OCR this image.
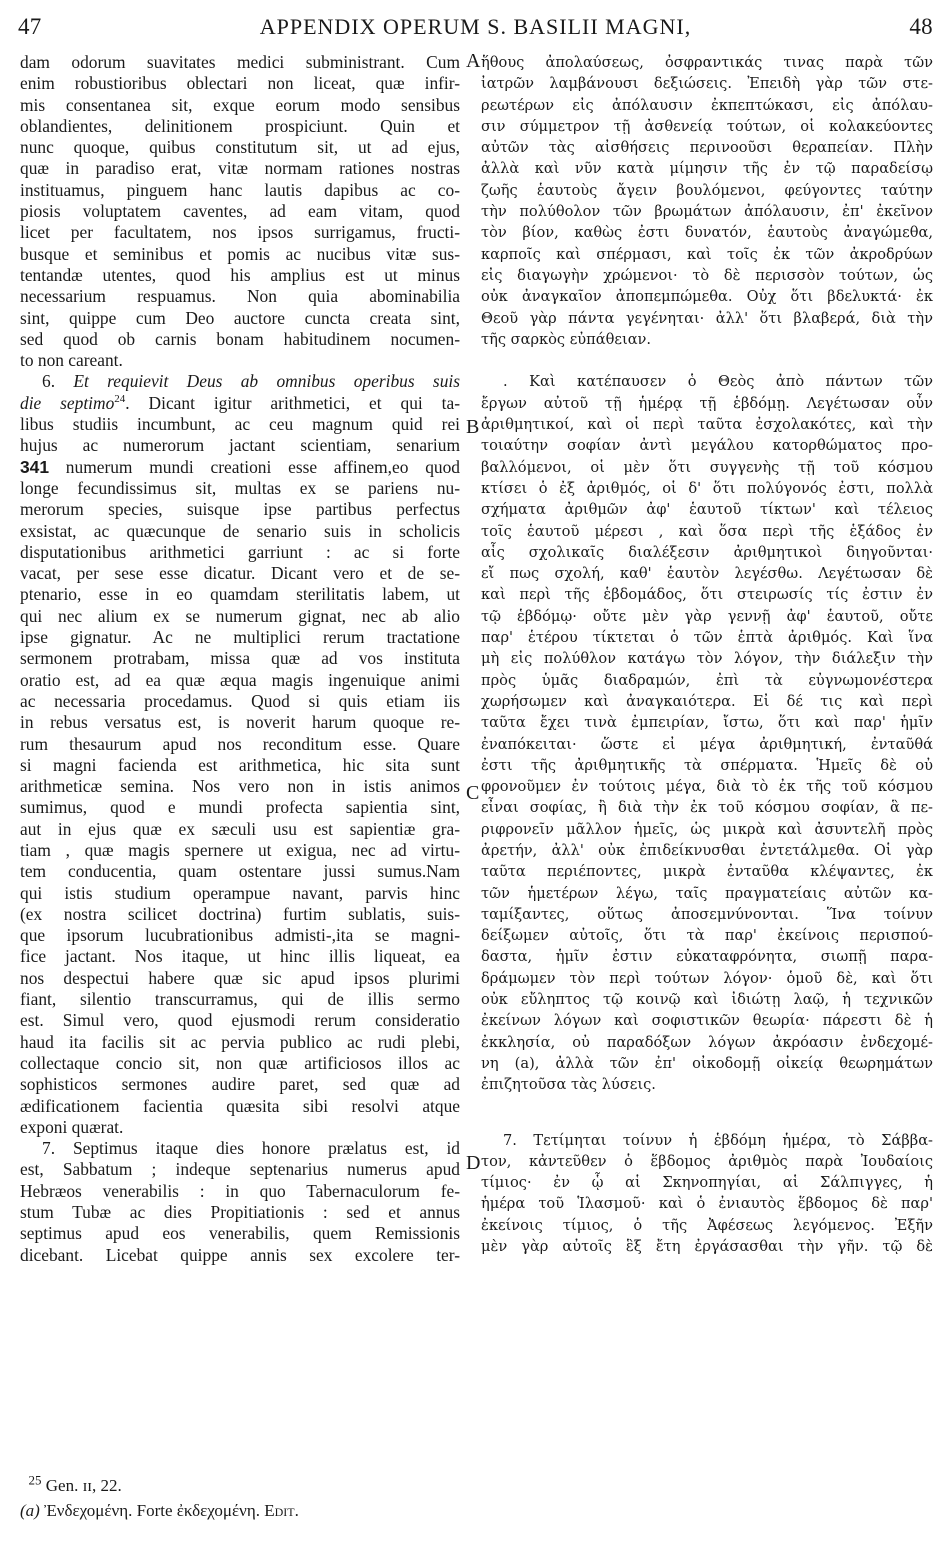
47	APPENDIX OPERUM S. BASILII MAGNI,	48
A
B
C
D
dam odorum suavitates medici subministrant. Cum
enim robustioribus oblectari non liceat, quæ infir-
mis consentanea sit, exque eorum modo sensibus
oblandientes, delinitionem prospiciunt. Quin et
nunc quoque, quibus constitutum sit, ut ad ejus,
quæ in paradiso erat, vitæ normam rationes nostras
instituamus, pinguem hanc lautis dapibus ac co-
piosis voluptatem caventes, ad eam vitam, quod
licet per facultatem, nos ipsos surrigamus, fructi-
busque et seminibus et pomis ac nucibus vitæ sus-
tentandæ utentes, quod his amplius est ut minus
necessarium respuamus. Non quia abominabilia
sint, quippe cum Deo auctore cuncta creata sint,
sed quod ob carnis bonam habitudinem nocumen-
to non careant.
6. Et requievit Deus ab omnibus operibus suis
die septimo$^{24}$. Dicant igitur arithmetici, et qui ta-
libus studiis incumbunt, ac ceu magnum quid rei
hujus ac numerorum jactant scientiam, senarium
341 numerum mundi creationi esse affinem,eo quod
longe fecundissimus sit, multas ex se pariens nu-
merorum species, suisque ipse partibus perfectus
exsistat, ac quæcunque de senario suis in scholicis
disputationibus arithmetici garriunt : ac si forte
vacat, per sese esse dicatur. Dicant vero et de se-
ptenario, esse in eo quamdam sterilitatis labem, ut
qui nec alium ex se numerum gignat, nec ab alio
ipse gignatur. Ac ne multiplici rerum tractatione
sermonem protrabam, missa quæ ad vos instituta
oratio est, ad ea quæ æqua magis ingenuique animi
ac necessaria procedamus. Quod si quis etiam iis
in rebus versatus est, is noverit harum quoque re-
rum thesaurum apud nos reconditum esse. Quare
si magni facienda est arithmetica, hic sita sunt
arithmeticæ semina. Nos vero non in istis animos
sumimus, quod e mundi profecta sapientia sint,
aut in ejus quæ ex sæculi usu est sapientiæ gra-
tiam , quæ magis spernere ut exigua, nec ad virtu-
tem conducentia, quam ostentare jussi sumus.Nam
qui istis studium operampue navant, parvis hinc
(ex nostra scilicet doctrina) furtim sublatis, suis-
que ipsorum lucubrationibus admisti-,ita se magni-
fice jactant. Nos itaque, ut hinc illis liqueat, ea
nos despectui habere quæ sic apud ipsos plurimi
fiant, silentio transcurramus, qui de illis sermo
est. Simul vero, quod ejusmodi rerum consideratio
haud ita facilis sit ac pervia publico ac rudi plebi,
collectaque concio sit, non quæ artificiosos illos ac
sophisticos sermones audire paret, sed quæ ad
ædificationem facientia quæsita sibi resolvi atque
exponi quærat.
7. Septimus itaque dies honore prælatus est, id
est, Sabbatum ; indeque septenarius numerus apud
Hebræos venerabilis : in quo Tabernaculorum fe-
stum Tubæ ac dies Propitiationis : sed et annus
septimus apud eos venerabilis, quem Remissionis
dicebant. Licebat quippe annis sex excolere ter-
ἥθους ἀπολαύσεως, ὀσφραντικάς τινας παρὰ τῶν
ἰατρῶν λαμβάνουσι δεξιώσεις. Ἐπειδὴ γὰρ τῶν στε-
ρεωτέρων εἰς ἀπόλαυσιν ἐκπεπτώκασι, εἰς ἀπόλαυ-
σιν σύμμετρον τῇ ἀσθενείᾳ τούτων, οἱ κολακεύοντες
αὐτῶν τὰς αἰσθήσεις περινοοῦσι θεραπείαν. Πλὴν
ἀλλὰ καὶ νῦν κατὰ μίμησιν τῆς ἐν τῷ παραδείσῳ
ζωῆς ἑαυτοὺς ἄγειν βουλόμενοι, φεύγοντες ταύτην
τὴν πολύθολον τῶν βρωμάτων ἀπόλαυσιν, ἐπ' ἐκεῖνον
τὸν βίον, καθὼς ἐστι δυνατόν, ἑαυτοὺς ἀναγώμεθα,
καρποῖς καὶ σπέρμασι, καὶ τοῖς ἐκ τῶν ἀκροδρύων
εἰς διαγωγὴν χρώμενοι· τὸ δὲ περισσὸν τούτων, ὡς
οὐκ ἀναγκαῖον ἀποπεμπώμεθα. Οὐχ ὅτι βδελυκτά· ἐκ
Θεοῦ γὰρ πάντα γεγένηται· ἀλλ' ὅτι βλαβερά, διὰ τὴν
τῆς σαρκὸς εὐπάθειαν.
. Καὶ κατέπαυσεν ὁ Θεὸς ἀπὸ πάντων τῶν
ἔργων αὐτοῦ τῇ ἡμέρᾳ τῇ ἑβδόμῃ. Λεγέτωσαν οὖν
ἀριθμητικοί, καὶ οἱ περὶ ταῦτα ἐσχολακότες, καὶ τὴν
τοιαύτην σοφίαν ἀντὶ μεγάλου κατορθώματος προ-
βαλλόμενοι, οἱ μὲν ὅτι συγγενὴς τῇ τοῦ κόσμου
κτίσει ὁ ἐξ ἀριθμός, οἱ δ' ὅτι πολύγονός ἐστι, πολλὰ
σχήματα ἀριθμῶν ἀφ' ἑαυτοῦ τίκτων' καὶ τέλειος
τοῖς ἑαυτοῦ μέρεσι , καὶ ὅσα περὶ τῆς ἑξάδος ἐν
αἷς σχολικαῖς διαλέξεσιν ἀριθμητικοὶ διηγοῦνται·
εἴ πως σχολή, καθ' ἑαυτὸν λεγέσθω. Λεγέτωσαν δὲ
καὶ περὶ τῆς ἑβδομάδος, ὅτι στειρωσίς τίς ἐστιν ἐν
τῷ ἑβδόμῳ· οὔτε μὲν γὰρ γεννῇ ἀφ' ἑαυτοῦ, οὔτε
παρ' ἑτέρου τίκτεται ὁ τῶν ἑπτὰ ἀριθμός. Καὶ ἵνα
μὴ εἰς πολύθλον κατάγω τὸν λόγον, τὴν διάλεξιν τὴν
πρὸς ὑμᾶς διαδραμών, ἐπὶ τὰ εὐγνωμονέστερα
χωρήσωμεν καὶ ἀναγκαιότερα. Εἰ δέ τις καὶ περὶ
ταῦτα ἔχει τινὰ ἐμπειρίαν, ἴστω, ὅτι καὶ παρ' ἡμῖν
ἐναπόκειται· ὥστε εἰ μέγα ἀριθμητική, ἐνταῦθά
ἐστι τῆς ἀριθμητικῆς τὰ σπέρματα. Ἡμεῖς δὲ οὐ
φρονοῦμεν ἐν τούτοις μέγα, διὰ τὸ ἐκ τῆς τοῦ κόσμου
εἶναι σοφίας, ἢ διὰ τὴν ἐκ τοῦ κόσμου σοφίαν, ἃ πε-
ριφρονεῖν μᾶλλον ἡμεῖς, ὡς μικρὰ καὶ ἀσυντελῆ πρὸς
ἀρετήν, ἀλλ' οὐκ ἐπιδείκνυσθαι ἐντετάλμεθα. Οἱ γὰρ
ταῦτα περιέποντες, μικρὰ ἐνταῦθα κλέψαντες, ἐκ
τῶν ἡμετέρων λέγω, ταῖς πραγματείαις αὐτῶν κα-
ταμίξαντες, οὕτως ἀποσεμνύνονται. Ἵνα τοίνυν
δείξωμεν αὐτοῖς, ὅτι τὰ παρ' ἐκείνοις περισπού-
δαστα, ἡμῖν ἐστιν εὐκαταφρόνητα, σιωπῇ παρα-
δράμωμεν τὸν περὶ τούτων λόγον· ὁμοῦ δὲ, καὶ ὅτι
οὐκ εὔληπτος τῷ κοινῷ καὶ ἰδιώτῃ λαῷ, ἡ τεχνικῶν
ἐκείνων λόγων καὶ σοφιστικῶν θεωρία· πάρεστι δὲ ἡ
ἐκκλησία, οὐ παραδόξων λόγων ἀκρόασιν ἐνδεχομέ-
νη (a), ἀλλὰ τῶν ἐπ' οἰκοδομῇ οἰκείᾳ θεωρημάτων
ἐπιζητοῦσα τὰς λύσεις.
7. Τετίμηται τοίνυν ἡ ἑβδόμη ἡμέρα, τὸ Σάββα-
τον, κἀντεῦθεν ὁ ἕβδομος ἀριθμὸς παρὰ Ἰουδαίοις
τίμιος· ἐν ᾧ αἱ Σκηνοπηγίαι, αἱ Σάλπιγγες, ἡ
ἡμέρα τοῦ Ἱλασμοῦ· καὶ ὁ ἐνιαυτὸς ἕβδομος δὲ παρ'
ἐκείνοις τίμιος, ὁ τῆς Ἀφέσεως λεγόμενος. Ἐξῆν
μὲν γὰρ αὐτοῖς ἓξ ἔτη ἐργάσασθαι τὴν γῆν. τῷ δὲ
$^{25}$ Gen. ɪɪ, 22.
(a) Ἐνδεχομένη. Forte ἐκδεχομένη. Edit.
